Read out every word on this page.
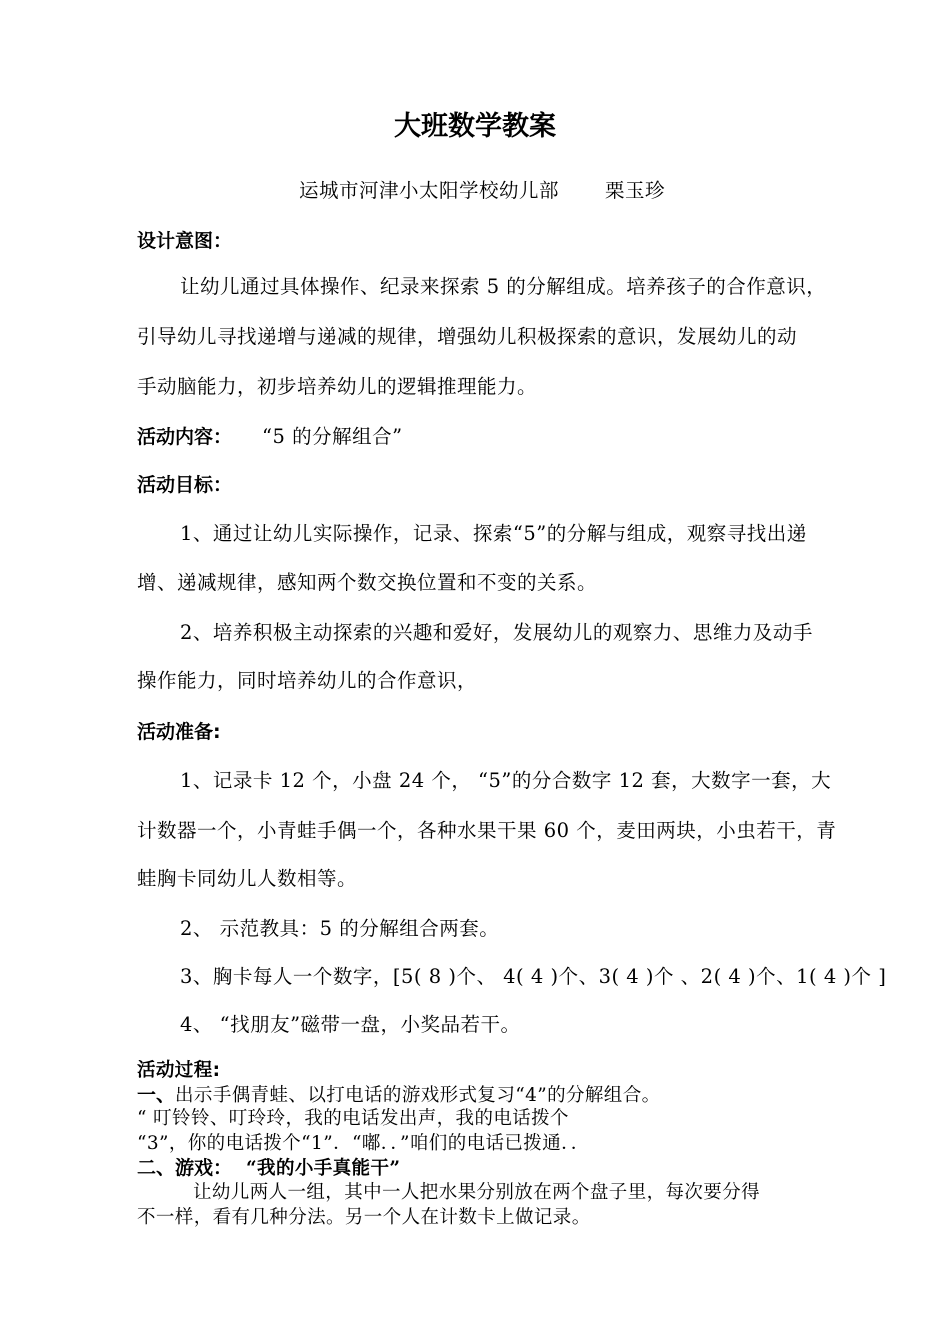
大班数学教案
运城市河津小太阳学校幼儿部 栗玉珍
设计意图：
让幼儿通过具体操作、纪录来探索 5 的分解组成。培养孩子的合作意识，
引导幼儿寻找递增与递减的规律，增强幼儿积极探索的意识，发展幼儿的动
手动脑能力，初步培养幼儿的逻辑推理能力。
活动内容： “5 的分解组合”
活动目标：
1、通过让幼儿实际操作，记录、探索“5”的分解与组成，观察寻找出递
增、递减规律，感知两个数交换位置和不变的关系。
2、培养积极主动探索的兴趣和爱好，发展幼儿的观察力、思维力及动手
操作能力，同时培养幼儿的合作意识，
活动准备:
1、记录卡 12 个，小盘 24 个， “5”的分合数字 12 套，大数字一套，大
计数器一个，小青蛙手偶一个，各种水果干果 60 个，麦田两块，小虫若干，青
蛙胸卡同幼儿人数相等。
2、 示范教具：5 的分解组合两套。
3、胸卡每人一个数字，[5( 8 )个、 4( 4 )个、3( 4 )个 、2( 4 )个、1( 4 )个 ]
4、 “找朋友”磁带一盘，小奖品若干。
活动过程:
一、出示手偶青蛙、以打电话的游戏形式复习“4”的分解组合。
“ 叮铃铃、叮玲玲，我的电话发出声，我的电话拨个
“3”，你的电话拨个“1”．“嘟．．”咱们的电话已拨通．．
二、游戏： “我的小手真能干”
让幼儿两人一组，其中一人把水果分别放在两个盘子里，每次要分得
不一样，看有几种分法。另一个人在计数卡上做记录。
